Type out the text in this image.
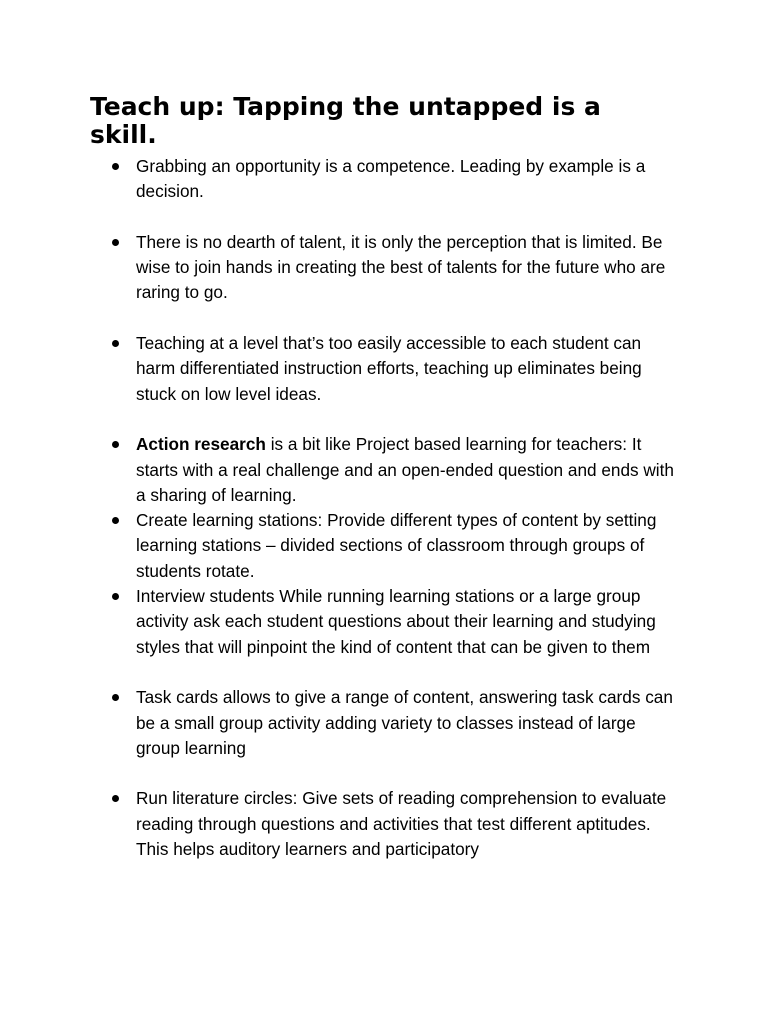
Teach up: Tapping the untapped is a skill.
Grabbing an opportunity is a competence. Leading by example is a decision.
There is no dearth of talent, it is only the perception that is limited. Be wise to join hands in creating the best of talents for the future who are raring to go.
Teaching at a level that’s too easily accessible to each student can harm differentiated instruction efforts, teaching up eliminates being stuck on low level ideas.
Action research is a bit like Project based learning for teachers: It starts with a real challenge and an open-ended question and ends with a sharing of learning.
Create learning stations: Provide different types of content by setting learning stations – divided sections of classroom through groups of students rotate.
Interview students While running learning stations or a large group activity ask each student questions about their learning and studying styles that will pinpoint the kind of content that can be given to them
Task cards allows to give a range of content, answering task cards can be a small group activity adding variety to classes instead of large group learning
Run literature circles: Give sets of reading comprehension to evaluate reading through questions and activities that test different aptitudes. This helps auditory learners and participatory
